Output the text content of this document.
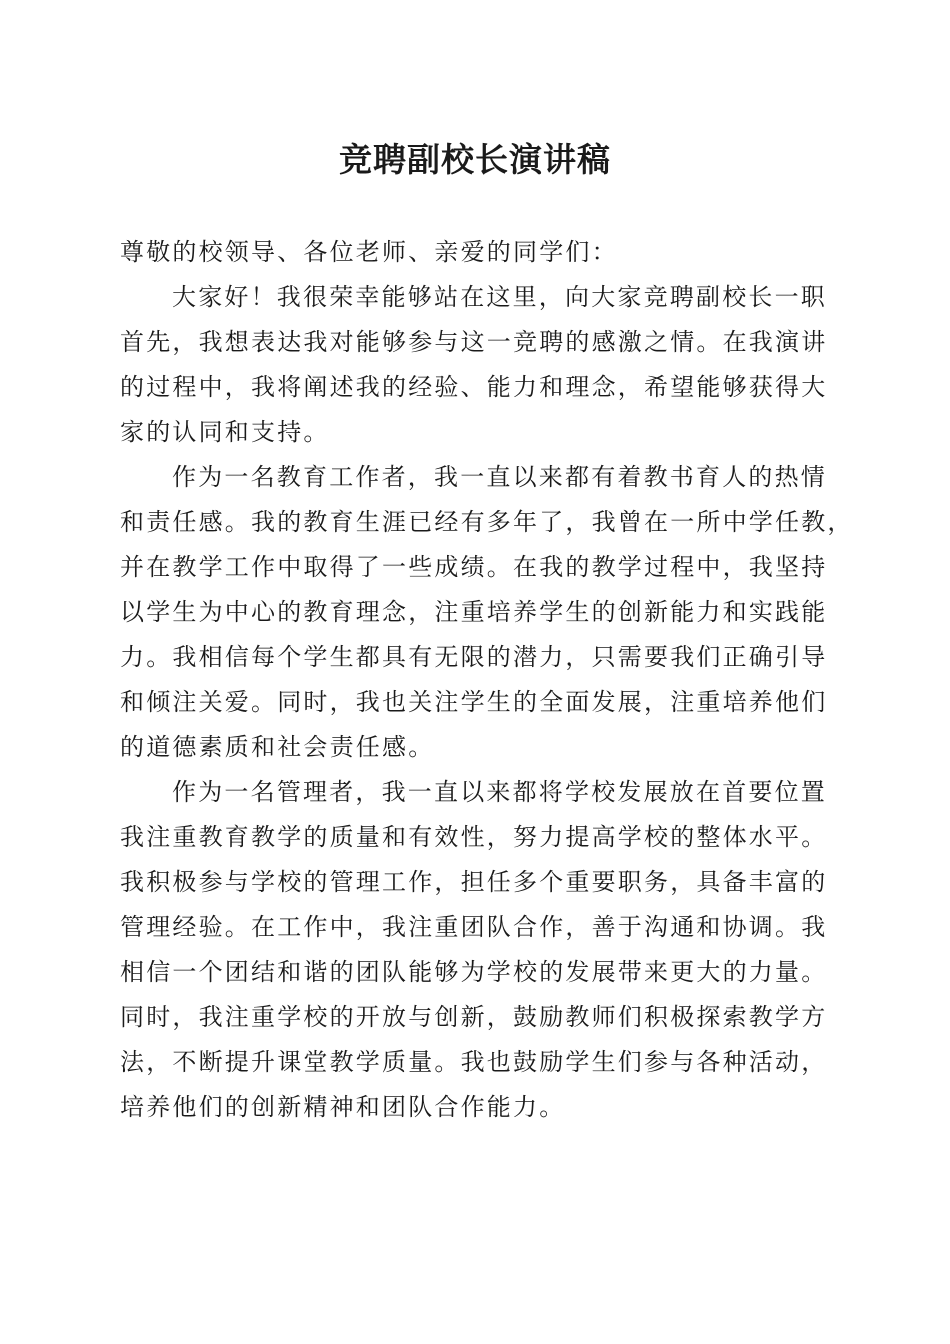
竞聘副校长演讲稿
尊敬的校领导、各位老师、亲爱的同学们：
大家好！我很荣幸能够站在这里，向大家竞聘副校长一职
首先，我想表达我对能够参与这一竞聘的感激之情。在我演讲
的过程中，我将阐述我的经验、能力和理念，希望能够获得大
家的认同和支持。
作为一名教育工作者，我一直以来都有着教书育人的热情
和责任感。我的教育生涯已经有多年了，我曾在一所中学任教，
并在教学工作中取得了一些成绩。在我的教学过程中，我坚持
以学生为中心的教育理念，注重培养学生的创新能力和实践能
力。我相信每个学生都具有无限的潜力，只需要我们正确引导
和倾注关爱。同时，我也关注学生的全面发展，注重培养他们
的道德素质和社会责任感。
作为一名管理者，我一直以来都将学校发展放在首要位置
我注重教育教学的质量和有效性，努力提高学校的整体水平。
我积极参与学校的管理工作，担任多个重要职务，具备丰富的
管理经验。在工作中，我注重团队合作，善于沟通和协调。我
相信一个团结和谐的团队能够为学校的发展带来更大的力量。
同时，我注重学校的开放与创新，鼓励教师们积极探索教学方
法，不断提升课堂教学质量。我也鼓励学生们参与各种活动，
培养他们的创新精神和团队合作能力。
